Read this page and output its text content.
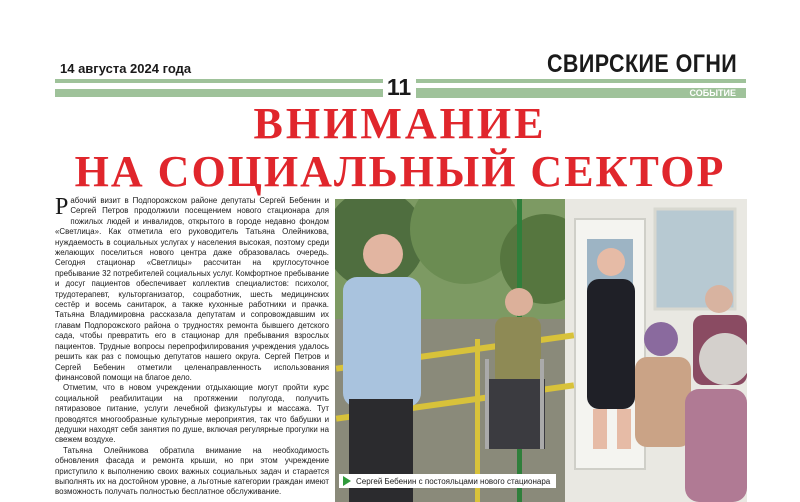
14 августа 2024 года	СВИРСКИЕ ОГНИ
11	СОБЫТИЕ
ВНИМАНИЕ
НА СОЦИАЛЬНЫЙ СЕКТОР

Рабочий визит в Подпорожском районе депутаты Сергей Бебенин и Сергей Петров продолжили посещением нового стационара для пожилых людей и инвалидов, открытого в городе недавно фондом «Светлица». Как отметила его руководитель Татьяна Олейникова, нуждаемость в социальных услугах у населения высокая, поэтому среди желающих поселиться нового центра даже образовалась очередь. Сегодня стационар «Светлицы» рассчитан на круглосуточное пребывание 32 потребителей социальных услуг. Комфортное пребывание и досуг пациентов обеспечивает коллектив специалистов: психолог, трудотерапевт, культорганизатор, соцработник, шесть медицинских сестёр и восемь санитарок, а также кухонные работники и прачка. Татьяна Владимировна рассказала депутатам и сопровождавшим их главам Подпорожского района о трудностях ремонта бывшего детского сада, чтобы превратить его в стационар для пребывания взрослых пациентов. Трудные вопросы перепрофилирования учреждения удалось решить как раз с помощью депутатов нашего округа. Сергей Петров и Сергей Бебенин отметили целенаправленность использования финансовой помощи на благое дело.

Отметим, что в новом учреждении отдыхающие могут пройти курс социальной реабилитации на протяжении полугода, получить пятиразовое питание, услуги лечебной физкультуры и массажа. Тут проводятся многообразные культурные мероприятия, так что бабушки и дедушки находят себя занятия по душе, включая регулярные прогулки на свежем воздухе.

Татьяна Олейникова обратила внимание на необходимость обновления фасада и ремонта крыши, но при этом учреждение приступило к выполнению своих важных социальных задач и старается выполнять их на достойном уровне, а льготные категории граждан имеют возможность получать полностью бесплатное обслуживание.

Сергей Бебенин с постояльцами нового стационара
